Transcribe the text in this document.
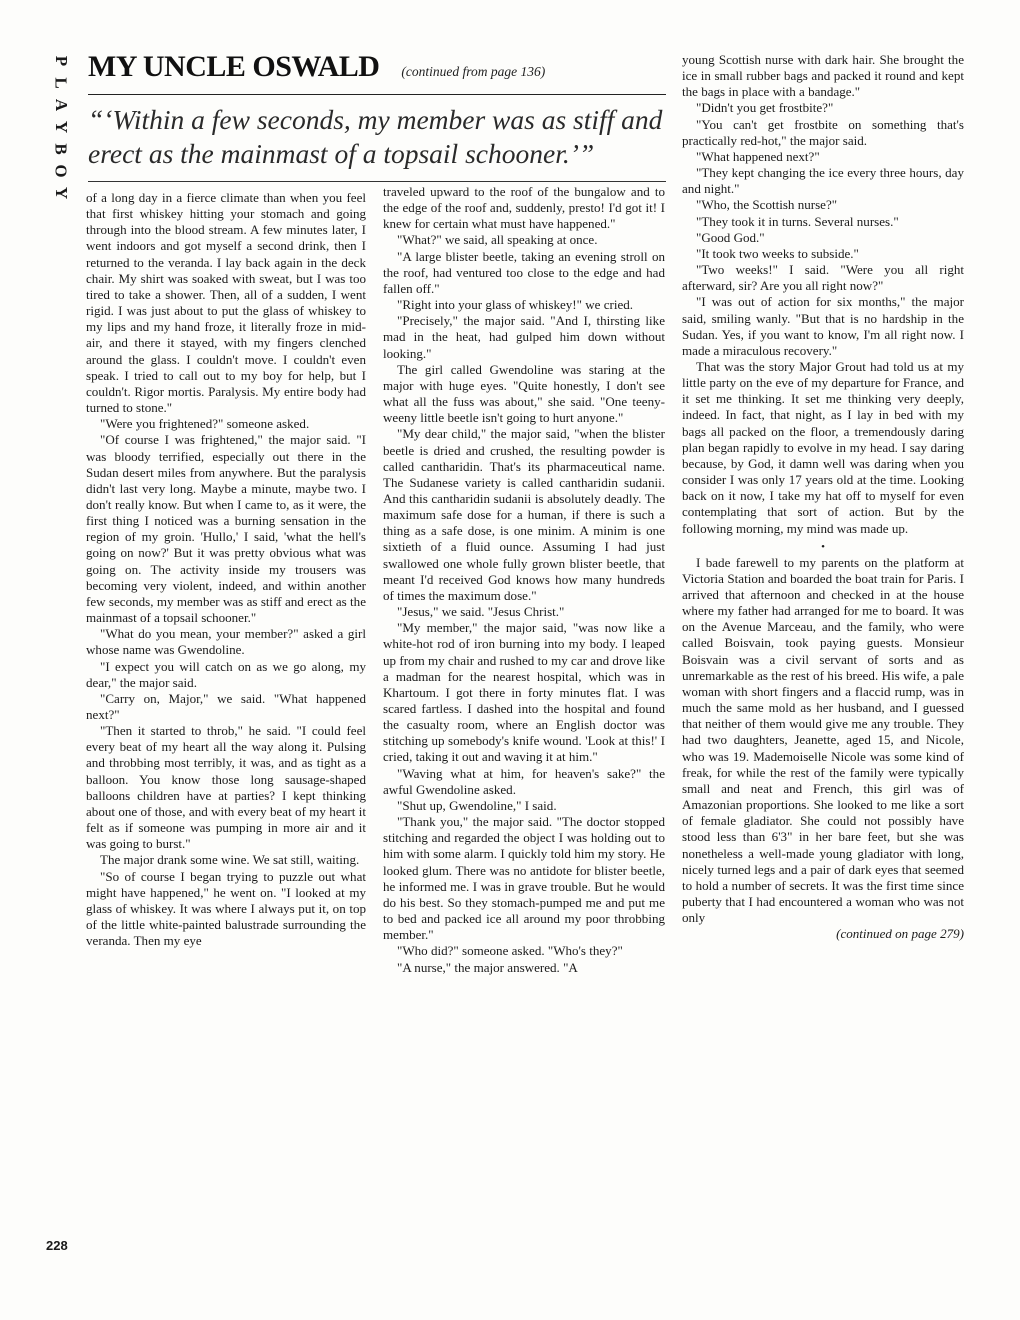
P
L
A
Y
B
O
Y
MY UNCLE OSWALD (continued from page 136)
“‘Within a few seconds, my member was as stiff and erect as the mainmast of a topsail schooner.’”

of a long day in a fierce climate than when you feel that first whiskey hitting your stomach and going through into the blood stream. A few minutes later, I went indoors and got myself a second drink, then I returned to the veranda. I lay back again in the deck chair. My shirt was soaked with sweat, but I was too tired to take a shower. Then, all of a sudden, I went rigid. I was just about to put the glass of whiskey to my lips and my hand froze, it literally froze in mid-air, and there it stayed, with my fingers clenched around the glass. I couldn't move. I couldn't even speak. I tried to call out to my boy for help, but I couldn't. Rigor mortis. Paralysis. My entire body had turned to stone."

"Were you frightened?" someone asked.

"Of course I was frightened," the major said. "I was bloody terrified, especially out there in the Sudan desert miles from anywhere. But the paralysis didn't last very long. Maybe a minute, maybe two. I don't really know. But when I came to, as it were, the first thing I noticed was a burning sensation in the region of my groin. 'Hullo,' I said, 'what the hell's going on now?' But it was pretty obvious what was going on. The activity inside my trousers was becoming very violent, indeed, and within another few seconds, my member was as stiff and erect as the mainmast of a topsail schooner."

"What do you mean, your member?" asked a girl whose name was Gwendoline.

"I expect you will catch on as we go along, my dear," the major said.

"Carry on, Major," we said. "What happened next?"

"Then it started to throb," he said. "I could feel every beat of my heart all the way along it. Pulsing and throbbing most terribly, it was, and as tight as a balloon. You know those long sausage-shaped balloons children have at parties? I kept thinking about one of those, and with every beat of my heart it felt as if someone was pumping in more air and it was going to burst."

The major drank some wine. We sat still, waiting.

"So of course I began trying to puzzle out what might have happened," he went on. "I looked at my glass of whiskey. It was where I always put it, on top of the little white-painted balustrade surrounding the veranda. Then my eye

traveled upward to the roof of the bungalow and to the edge of the roof and, suddenly, presto! I'd got it! I knew for certain what must have happened."

"What?" we said, all speaking at once.

"A large blister beetle, taking an evening stroll on the roof, had ventured too close to the edge and had fallen off."

"Right into your glass of whiskey!" we cried.

"Precisely," the major said. "And I, thirsting like mad in the heat, had gulped him down without looking."

The girl called Gwendoline was staring at the major with huge eyes. "Quite honestly, I don't see what all the fuss was about," she said. "One teeny-weeny little beetle isn't going to hurt anyone."

"My dear child," the major said, "when the blister beetle is dried and crushed, the resulting powder is called cantharidin. That's its pharmaceutical name. The Sudanese variety is called cantharidin sudanii. And this cantharidin sudanii is absolutely deadly. The maximum safe dose for a human, if there is such a thing as a safe dose, is one minim. A minim is one sixtieth of a fluid ounce. Assuming I had just swallowed one whole fully grown blister beetle, that meant I'd received God knows how many hundreds of times the maximum dose."

"Jesus," we said. "Jesus Christ."

"My member," the major said, "was now like a white-hot rod of iron burning into my body. I leaped up from my chair and rushed to my car and drove like a madman for the nearest hospital, which was in Khartoum. I got there in forty minutes flat. I was scared fartless. I dashed into the hospital and found the casualty room, where an English doctor was stitching up somebody's knife wound. 'Look at this!' I cried, taking it out and waving it at him."

"Waving what at him, for heaven's sake?" the awful Gwendoline asked.

"Shut up, Gwendoline," I said.

"Thank you," the major said. "The doctor stopped stitching and regarded the object I was holding out to him with some alarm. I quickly told him my story. He looked glum. There was no antidote for blister beetle, he informed me. I was in grave trouble. But he would do his best. So they stomach-pumped me and put me to bed and packed ice all around my poor throbbing member."

"Who did?" someone asked. "Who's they?"

"A nurse," the major answered. "A

young Scottish nurse with dark hair. She brought the ice in small rubber bags and packed it round and kept the bags in place with a bandage."

"Didn't you get frostbite?"

"You can't get frostbite on something that's practically red-hot," the major said.

"What happened next?"

"They kept changing the ice every three hours, day and night."

"Who, the Scottish nurse?"

"They took it in turns. Several nurses."

"Good God."

"It took two weeks to subside."

"Two weeks!" I said. "Were you all right afterward, sir? Are you all right now?"

"I was out of action for six months," the major said, smiling wanly. "But that is no hardship in the Sudan. Yes, if you want to know, I'm all right now. I made a miraculous recovery."

That was the story Major Grout had told us at my little party on the eve of my departure for France, and it set me thinking. It set me thinking very deeply, indeed. In fact, that night, as I lay in bed with my bags all packed on the floor, a tremendously daring plan began rapidly to evolve in my head. I say daring because, by God, it damn well was daring when you consider I was only 17 years old at the time. Looking back on it now, I take my hat off to myself for even contemplating that sort of action. But by the following morning, my mind was made up.

•

I bade farewell to my parents on the platform at Victoria Station and boarded the boat train for Paris. I arrived that afternoon and checked in at the house where my father had arranged for me to board. It was on the Avenue Marceau, and the family, who were called Boisvain, took paying guests. Monsieur Boisvain was a civil servant of sorts and as unremarkable as the rest of his breed. His wife, a pale woman with short fingers and a flaccid rump, was in much the same mold as her husband, and I guessed that neither of them would give me any trouble. They had two daughters, Jeanette, aged 15, and Nicole, who was 19. Mademoiselle Nicole was some kind of freak, for while the rest of the family were typically small and neat and French, this girl was of Amazonian proportions. She looked to me like a sort of female gladiator. She could not possibly have stood less than 6'3" in her bare feet, but she was nonetheless a well-made young gladiator with long, nicely turned legs and a pair of dark eyes that seemed to hold a number of secrets. It was the first time since puberty that I had encountered a woman who was not only

(continued on page 279)

228
